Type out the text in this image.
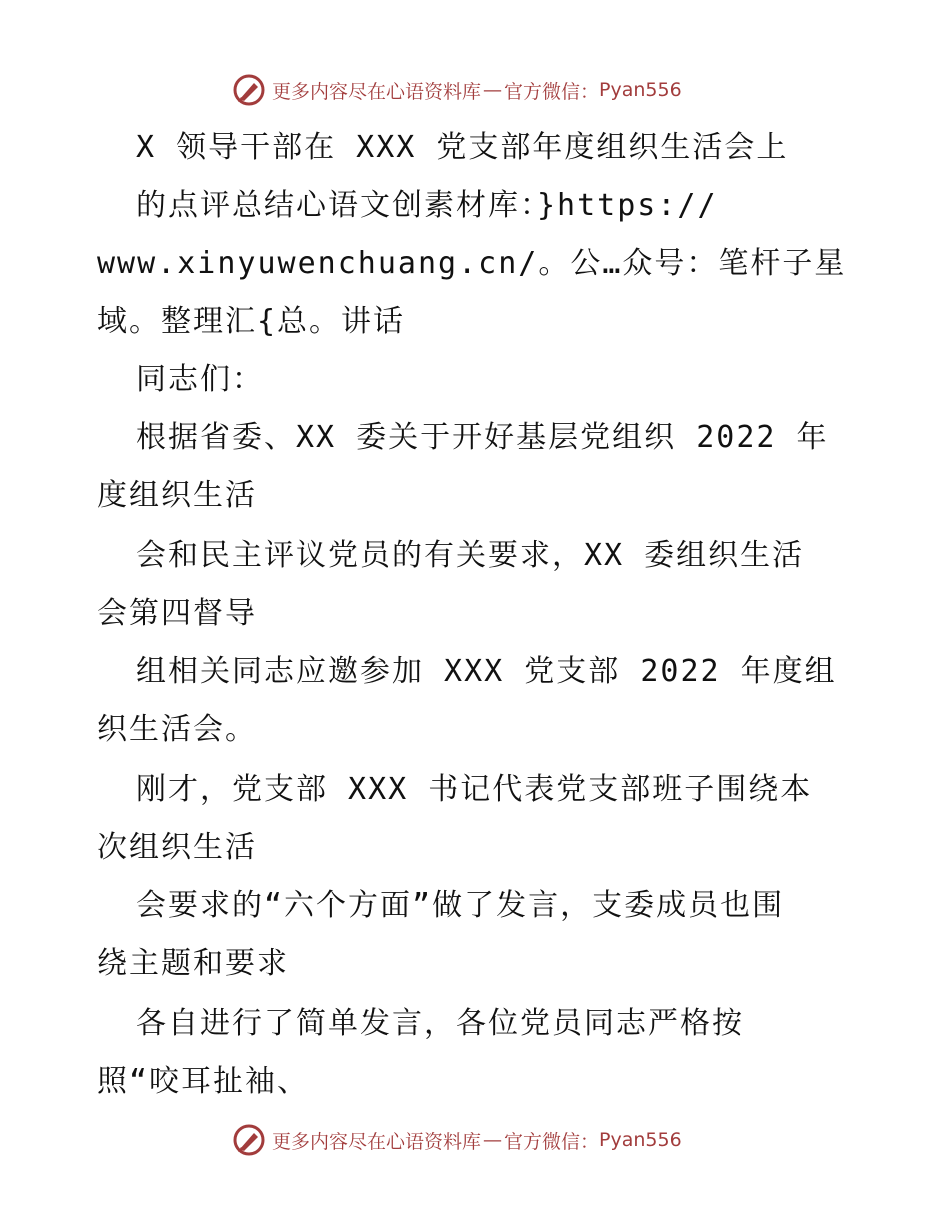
更多内容尽在心语资料库 — 官方微信： Pyan556
X 领导干部在 XXX 党支部年度组织生活会上
的点评总结心语文创素材库：}https://
www.xinyuwenchuang.cn/。公…众号：笔杆子星
域。整理汇{总。讲话
同志们：
根据省委、XX 委关于开好基层党组织 2022 年
度组织生活
会和民主评议党员的有关要求，XX 委组织生活
会第四督导
组相关同志应邀参加 XXX 党支部 2022 年度组
织生活会。
刚才，党支部 XXX 书记代表党支部班子围绕本
次组织生活
会要求的“六个方面”做了发言，支委成员也围
绕主题和要求
各自进行了简单发言，各位党员同志严格按
照“咬耳扯袖、
更多内容尽在心语资料库 — 官方微信： Pyan556
